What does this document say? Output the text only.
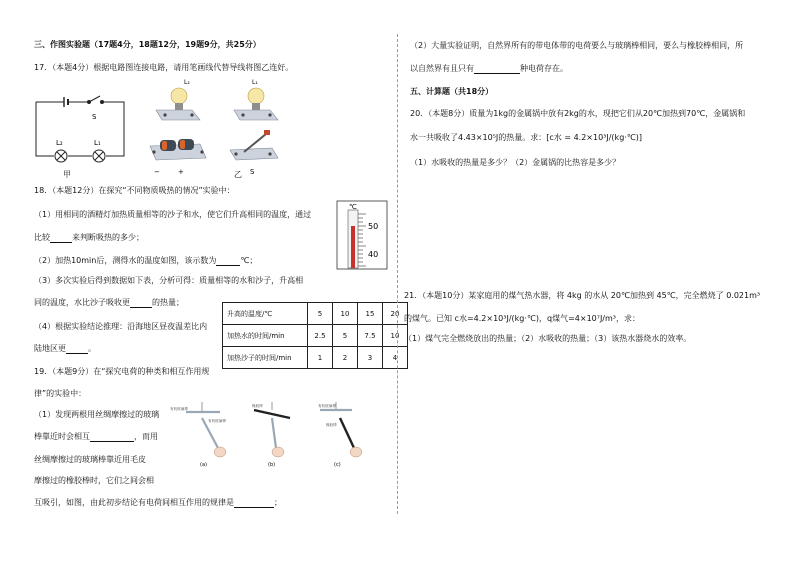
三、作图实验题（17题4分，18题12分，19题9分，共25分）
17．（本题4分）根据电路图连接电路，请用笔画线代替导线将图乙连好。
S
L₂	L₁
甲
L₂	L₁
−	+	S
乙
18．（本题12分）在探究“不同物质吸热的情况”实验中：
（1）用相同的酒精灯加热质量相等的沙子和水，使它们升高相同的温度，通过
比较	来判断吸热的多少；
（2）加热10min后，测得水的温度如图，该示数为	℃；
（3）多次实验后得到数据如下表，分析可得：质量相等的水和沙子，升高相
同的温度，水比沙子吸收更	的热量；
（4）根据实验结论推理：沿海地区昼夜温差比内
陆地区更	。
℃
50
40
升高的温度/℃	5	10	15	20
加热水的时间/min	2.5	5	7.5	10
加热沙子的时间/min	1	2	3	4
19．（本题9分）在“探究电荷的种类和相互作用规
律”的实验中：
（1）发现两根用丝绸摩擦过的玻璃
棒靠近时会相互	，而用
丝绸摩擦过的玻璃棒靠近用毛皮
摩擦过的橡胶棒时，它们之间会相
互吸引，如图，由此初步结论有电荷间相互作用的规律是	；
有机玻璃棒
有机玻璃棒
(a)
橡胶棒
(b)
有机玻璃棒
橡胶棒
(c)
（2）大量实验证明，自然界所有的带电体带的电荷要么与玻璃棒相同，要么与橡胶棒相同，所
以自然界有且只有	种电荷存在。
五、计算题（共18分）
20．（本题8分）质量为1kg的金属锅中放有2kg的水，现把它们从20℃加热到70℃，金属锅和
水一共吸收了4.43×10⁵J的热量。求：[c水 = 4.2×10³J/(kg·℃)]
（1）水吸收的热量是多少？（2）金属锅的比热容是多少？
21．（本题10分）某家庭用的煤气热水器，将 4kg 的水从 20℃加热到 45℃，完全燃烧了 0.021m³
的煤气。已知 c水=4.2×10³J/(kg·℃)，q煤气=4×10⁷J/m³，求：
（1）煤气完全燃烧放出的热量；（2）水吸收的热量；（3）该热水器烧水的效率。
